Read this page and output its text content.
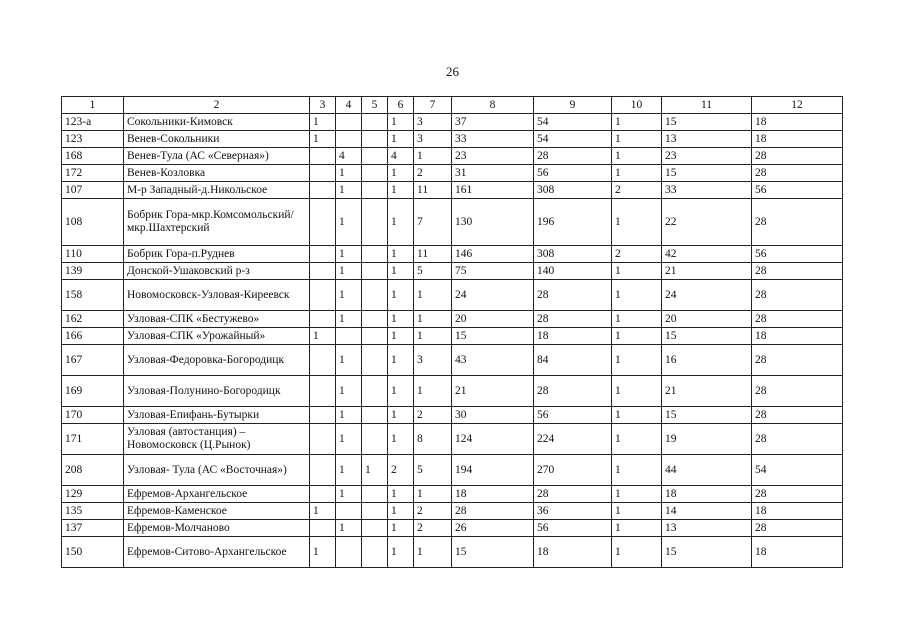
26
1	2	3	4	5	6	7	8	9	10	11	12
123-а	Сокольники-Кимовск	1			1	3	37	54	1	15	18
123	Венев-Сокольники	1			1	3	33	54	1	13	18
168	Венев-Тула (АС «Северная»)		4		4	1	23	28	1	23	28
172	Венев-Козловка		1		1	2	31	56	1	15	28
107	М-р Западный-д.Никольское		1		1	11	161	308	2	33	56
108	Бобрик Гора-мкр.Комсомольский/мкр.Шахтерский		1		1	7	130	196	1	22	28
110	Бобрик Гора-п.Руднев		1		1	11	146	308	2	42	56
139	Донской-Ушаковский р-з		1		1	5	75	140	1	21	28
158	Новомосковск-Узловая-Киреевск		1		1	1	24	28	1	24	28
162	Узловая-СПК «Бестужево»		1		1	1	20	28	1	20	28
166	Узловая-СПК «Урожайный»	1			1	1	15	18	1	15	18
167	Узловая-Федоровка-Богородицк		1		1	3	43	84	1	16	28
169	Узловая-Полунино-Богородицк		1		1	1	21	28	1	21	28
170	Узловая-Епифань-Бутырки		1		1	2	30	56	1	15	28
171	Узловая (автостанция) – Новомосковск (Ц.Рынок)		1		1	8	124	224	1	19	28
208	Узловая- Тула (АС «Восточная»)		1	1	2	5	194	270	1	44	54
129	Ефремов-Архангельское		1		1	1	18	28	1	18	28
135	Ефремов-Каменское	1			1	2	28	36	1	14	18
137	Ефремов-Молчаново		1		1	2	26	56	1	13	28
150	Ефремов-Ситово-Архангельское	1			1	1	15	18	1	15	18
